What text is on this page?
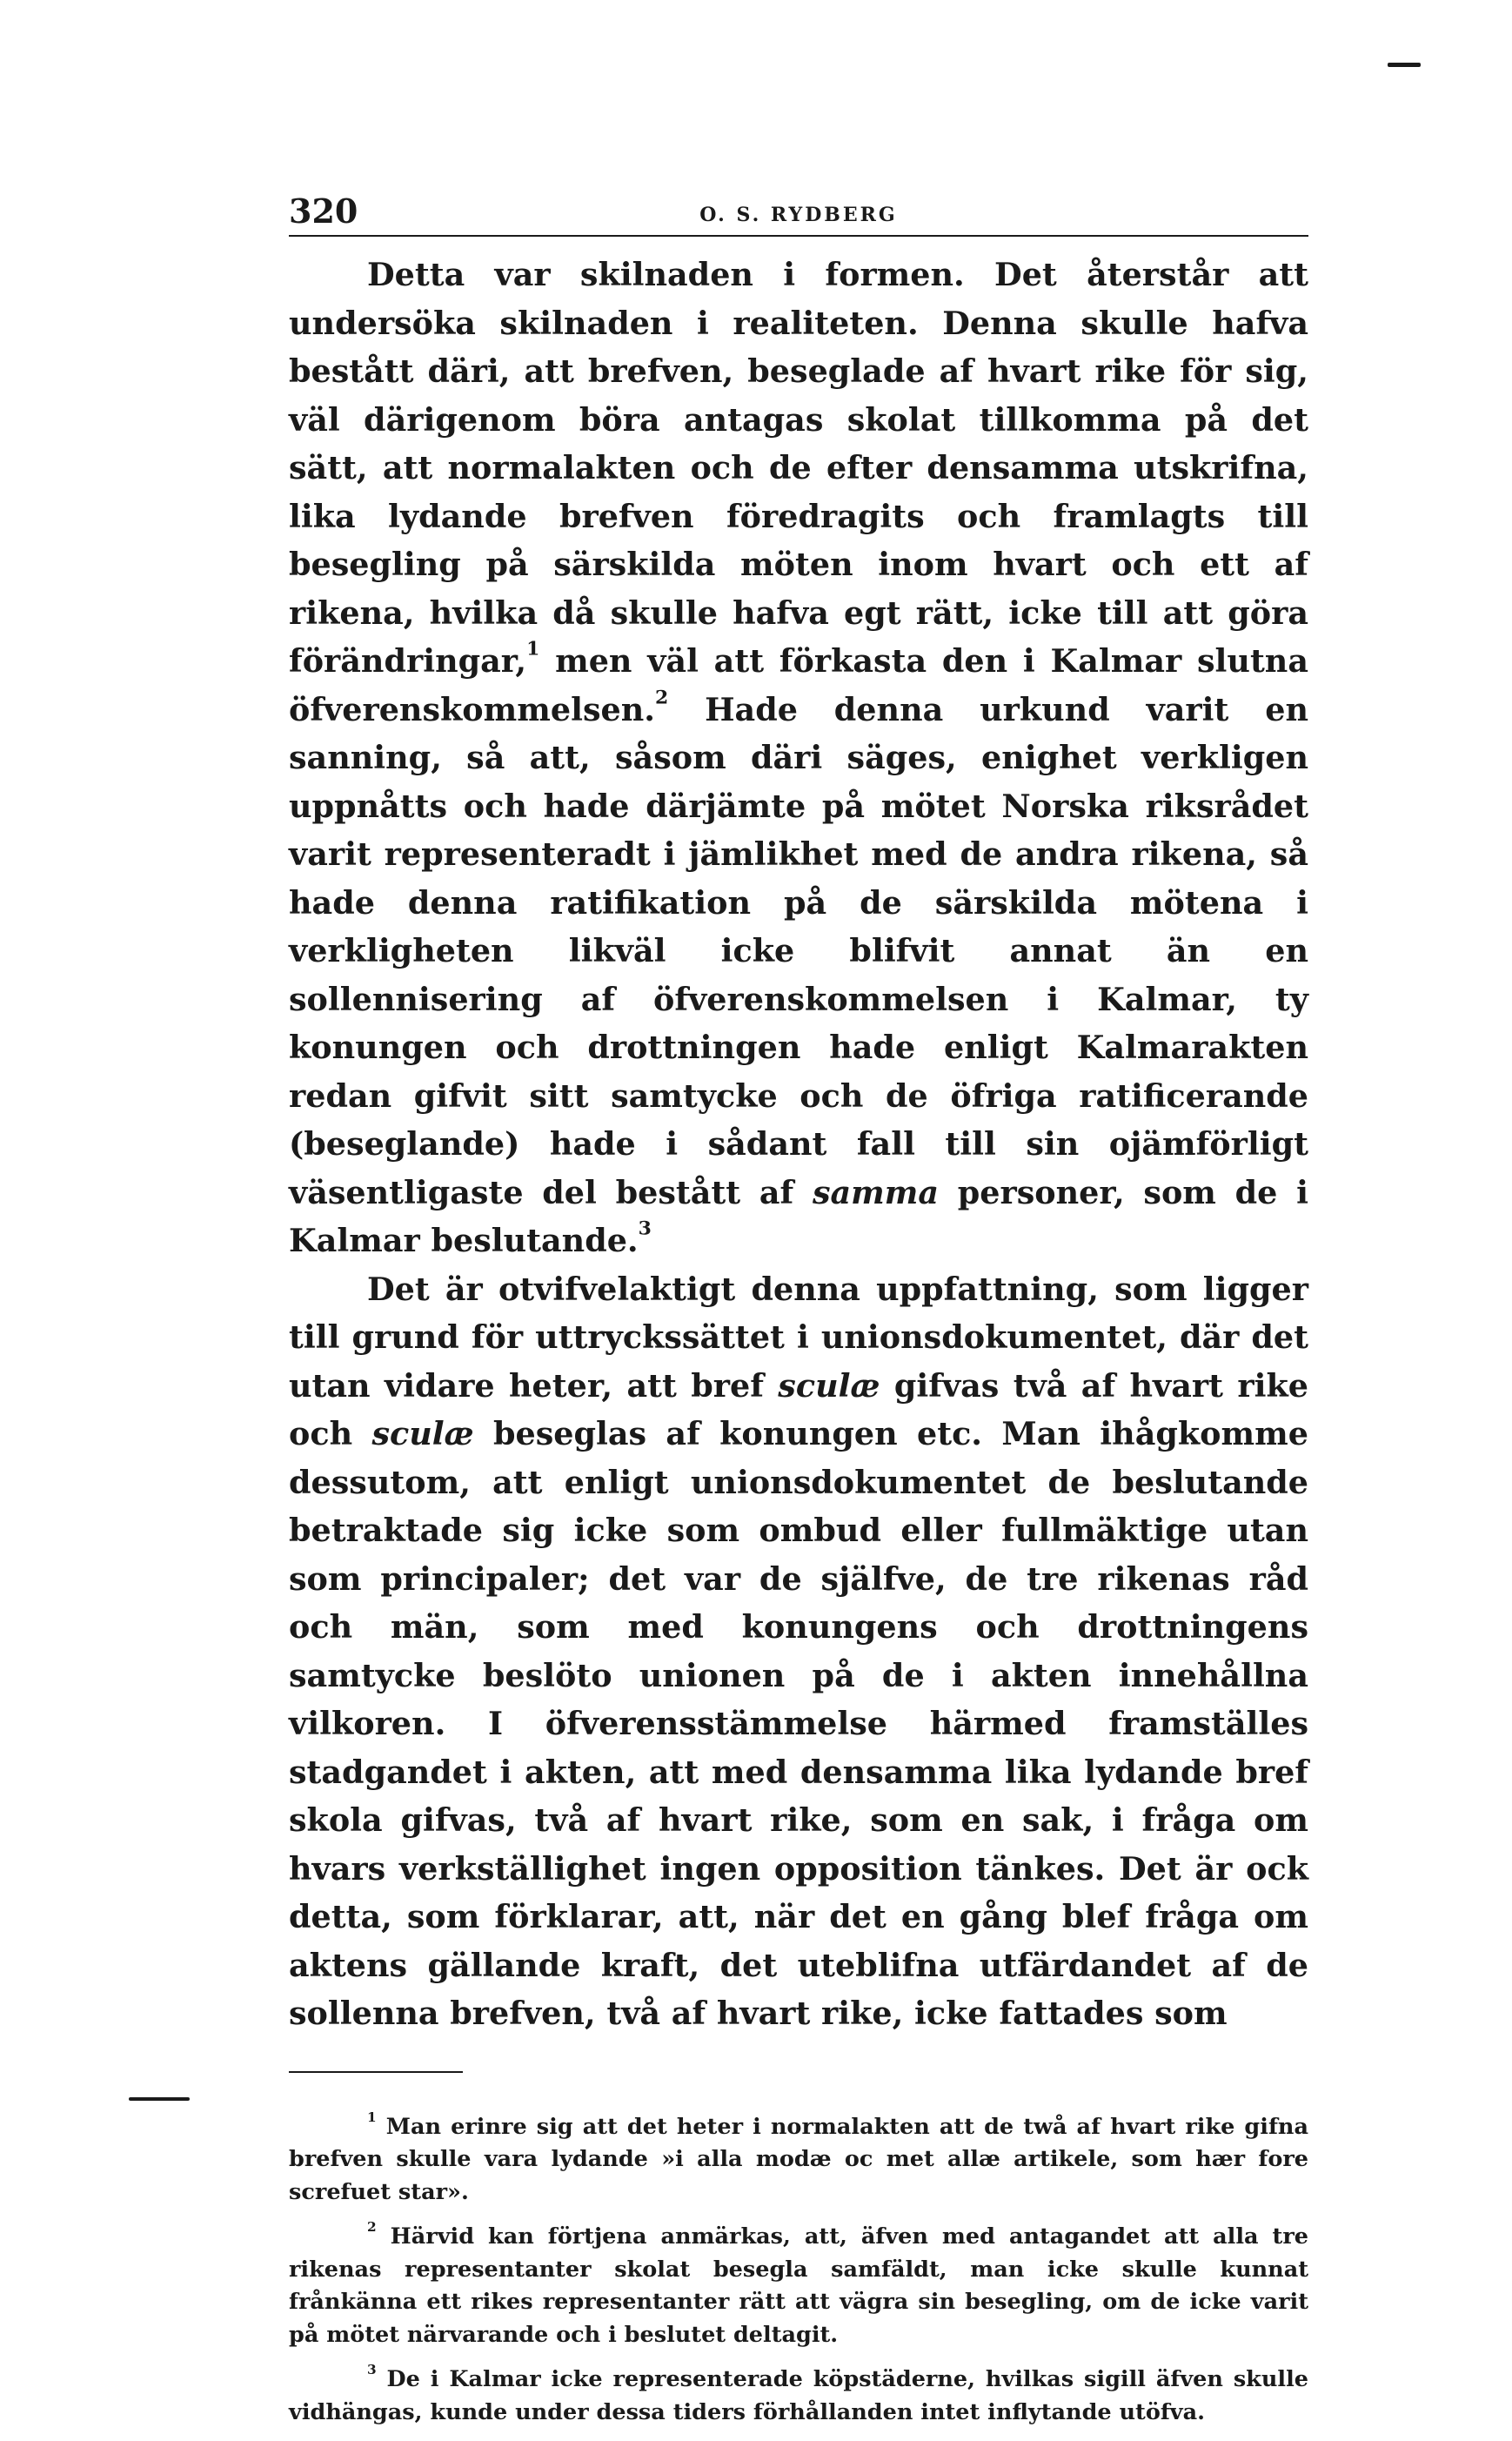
320	O. S. RYDBERG

Detta var skilnaden i formen. Det återstår att undersöka skilnaden i realiteten. Denna skulle hafva bestått däri, att brefven, beseglade af hvart rike för sig, väl därigenom böra antagas skolat tillkomma på det sätt, att normalakten och de efter densamma utskrifna, lika lydande brefven föredragits och framlagts till besegling på särskilda möten inom hvart och ett af rikena, hvilka då skulle hafva egt rätt, icke till att göra förändringar,$^1$ men väl att förkasta den i Kalmar slutna öfverenskommelsen.$^2$ Hade denna urkund varit en sanning, så att, såsom däri säges, enighet verkligen uppnåtts och hade därjämte på mötet Norska riksrådet varit representeradt i jämlikhet med de andra rikena, så hade denna ratifikation på de särskilda mötena i verkligheten likväl icke blifvit annat än en sollennisering af öfverenskommelsen i Kalmar, ty konungen och drottningen hade enligt Kalmarakten redan gifvit sitt samtycke och de öfriga ratificerande (beseglande) hade i sådant fall till sin ojämförligt väsentligaste del bestått af samma personer, som de i Kalmar beslutande.$^3$

Det är otvifvelaktigt denna uppfattning, som ligger till grund för uttryckssättet i unionsdokumentet, där det utan vidare heter, att bref sculæ gifvas två af hvart rike och sculæ beseglas af konungen etc. Man ihågkomme dessutom, att enligt unionsdokumentet de beslutande betraktade sig icke som ombud eller fullmäktige utan som principaler; det var de själfve, de tre rikenas råd och män, som med konungens och drottningens samtycke beslöto unionen på de i akten innehållna vilkoren. I öfverensstämmelse härmed framställes stadgandet i akten, att med densamma lika lydande bref skola gifvas, två af hvart rike, som en sak, i fråga om hvars verkställighet ingen opposition tänkes. Det är ock detta, som förklarar, att, när det en gång blef fråga om aktens gällande kraft, det uteblifna utfärdandet af de sollenna brefven, två af hvart rike, icke fattades som

$^1$ Man erinre sig att det heter i normalakten att de twå af hvart rike gifna brefven skulle vara lydande »i alla modæ oc met allæ artikele, som hær fore screfuet star».

$^2$ Härvid kan förtjena anmärkas, att, äfven med antagandet att alla tre rikenas representanter skolat besegla samfäldt, man icke skulle kunnat frånkänna ett rikes representanter rätt att vägra sin besegling, om de icke varit på mötet närvarande och i beslutet deltagit.

$^3$ De i Kalmar icke representerade köpstäderne, hvilkas sigill äfven skulle vidhängas, kunde under dessa tiders förhållanden intet inflytande utöfva.
